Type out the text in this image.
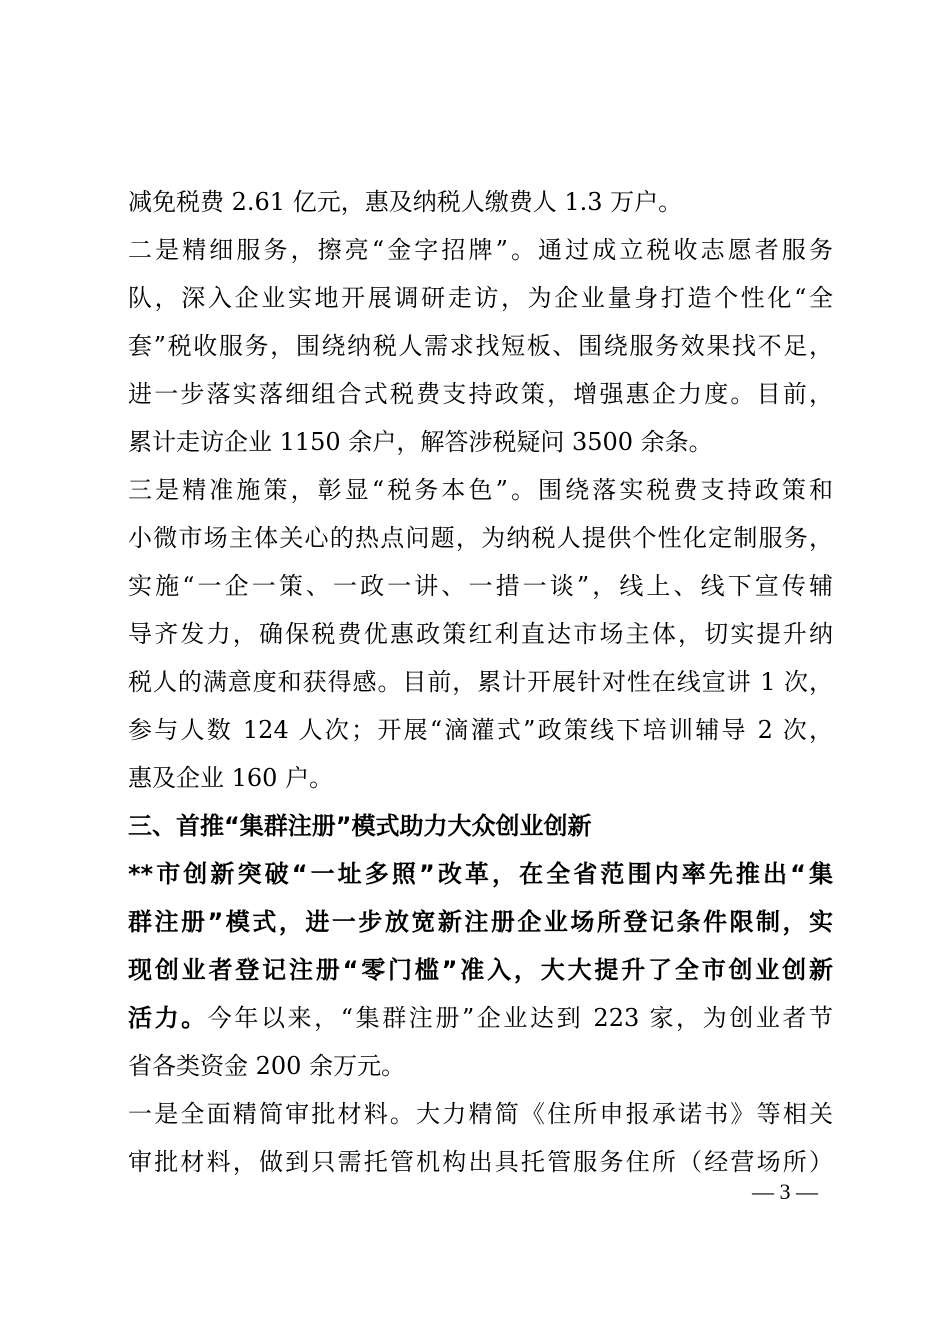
减免税费 2.61 亿元，惠及纳税人缴费人 1.3 万户。
二是精细服务，擦亮“金字招牌”。通过成立税收志愿者服务
队，深入企业实地开展调研走访，为企业量身打造个性化“全
套”税收服务，围绕纳税人需求找短板、围绕服务效果找不足，
进一步落实落细组合式税费支持政策，增强惠企力度。目前，
累计走访企业 1150 余户，解答涉税疑问 3500 余条。
三是精准施策，彰显“税务本色”。围绕落实税费支持政策和
小微市场主体关心的热点问题，为纳税人提供个性化定制服务，
实施“一企一策、一政一讲、一措一谈”，线上、线下宣传辅
导齐发力，确保税费优惠政策红利直达市场主体，切实提升纳
税人的满意度和获得感。目前，累计开展针对性在线宣讲 1 次，
参与人数 124 人次；开展“滴灌式”政策线下培训辅导 2 次，
惠及企业 160 户。
三、首推“集群注册”模式助力大众创业创新
**市创新突破“一址多照”改革，在全省范围内率先推出“集
群注册”模式，进一步放宽新注册企业场所登记条件限制，实
现创业者登记注册“零门槛”准入，大大提升了全市创业创新
活力。今年以来，“集群注册”企业达到 223 家，为创业者节
省各类资金 200 余万元。
一是全面精简审批材料。大力精简《住所申报承诺书》等相关
审批材料，做到只需托管机构出具托管服务住所（经营场所）
— 3 —
